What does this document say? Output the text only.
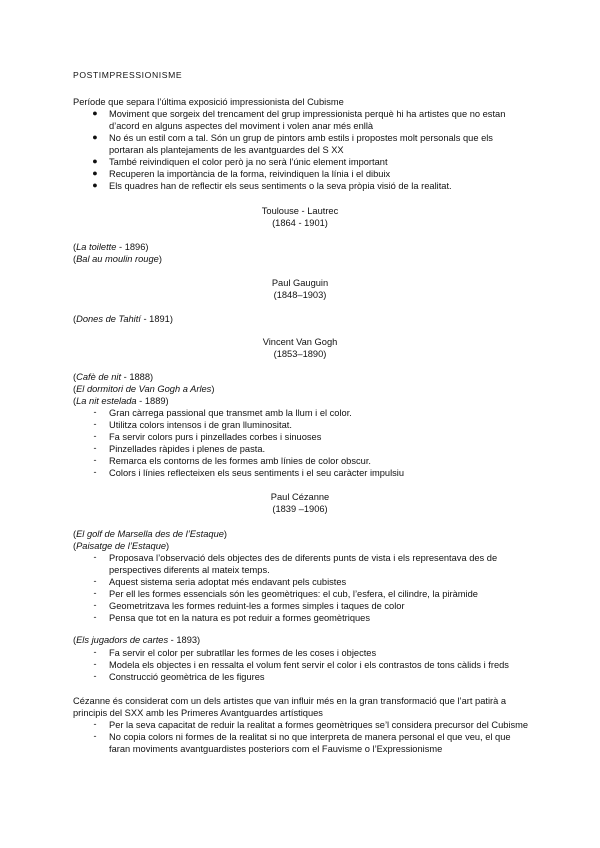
POSTIMPRESSIONISME
Període que separa l’última exposició impressionista del Cubisme
● Moviment que sorgeix del trencament del grup impressionista perquè hi ha artistes que no estan d’acord en alguns aspectes del moviment i volen anar més enllà
● No és un estil com a tal. Són un grup de pintors amb estils i propostes molt personals que els portaran als plantejaments de les avantguardes del S XX
● També reivindiquen el color però ja no serà l’únic element important
● Recuperen la importància de la forma, reivindiquen la línia i el dibuix
● Els quadres han de reflectir els seus sentiments o la seva pròpia visió de la realitat.
Toulouse - Lautrec
(1864 - 1901)
(La toilette - 1896)
(Bal au moulin rouge)
Paul Gauguin
(1848–1903)
(Dones de Tahití - 1891)
Vincent Van Gogh
(1853–1890)
(Cafè de nit - 1888)
(El dormitori de Van Gogh a Arles)
(La nit estelada - 1889)
- Gran càrrega passional que transmet amb la llum i el color.
- Utilitza colors intensos i de gran lluminositat.
- Fa servir colors purs i pinzellades corbes i sinuoses
- Pinzellades ràpides i plenes de pasta.
- Remarca els contorns de les formes amb línies de color obscur.
- Colors i línies reflecteixen els seus sentiments i el seu caràcter impulsiu
Paul Cézanne
(1839 –1906)
(El golf de Marsella des de l’Estaque)
(Paisatge de l’Estaque)
- Proposava l’observació dels objectes des de diferents punts de vista i els representava des de perspectives diferents al mateix temps.
- Aquest sistema seria adoptat més endavant pels cubistes
- Per ell les formes essencials són les geomètriques: el cub, l’esfera, el cilindre, la piràmide
- Geometritzava les formes reduint-les a formes simples i taques de color
- Pensa que tot en la natura es pot reduir a formes geomètriques
(Els jugadors de cartes - 1893)
- Fa servir el color per subratllar les formes de les coses i objectes
- Modela els objectes i en ressalta el volum fent servir el color i els contrastos de tons càlids i freds
- Construcció geomètrica de les figures
Cézanne és considerat com un dels artistes que van influir més en la gran transformació que l’art patirà a principis del SXX amb les Primeres Avantguardes artístiques
- Per la seva capacitat de reduir la realitat a formes geomètriques se’l considera precursor del Cubisme
- No copia colors ni formes de la realitat si no que interpreta de manera personal el que veu, el que faran moviments avantguardistes posteriors com el Fauvisme o l’Expressionisme
